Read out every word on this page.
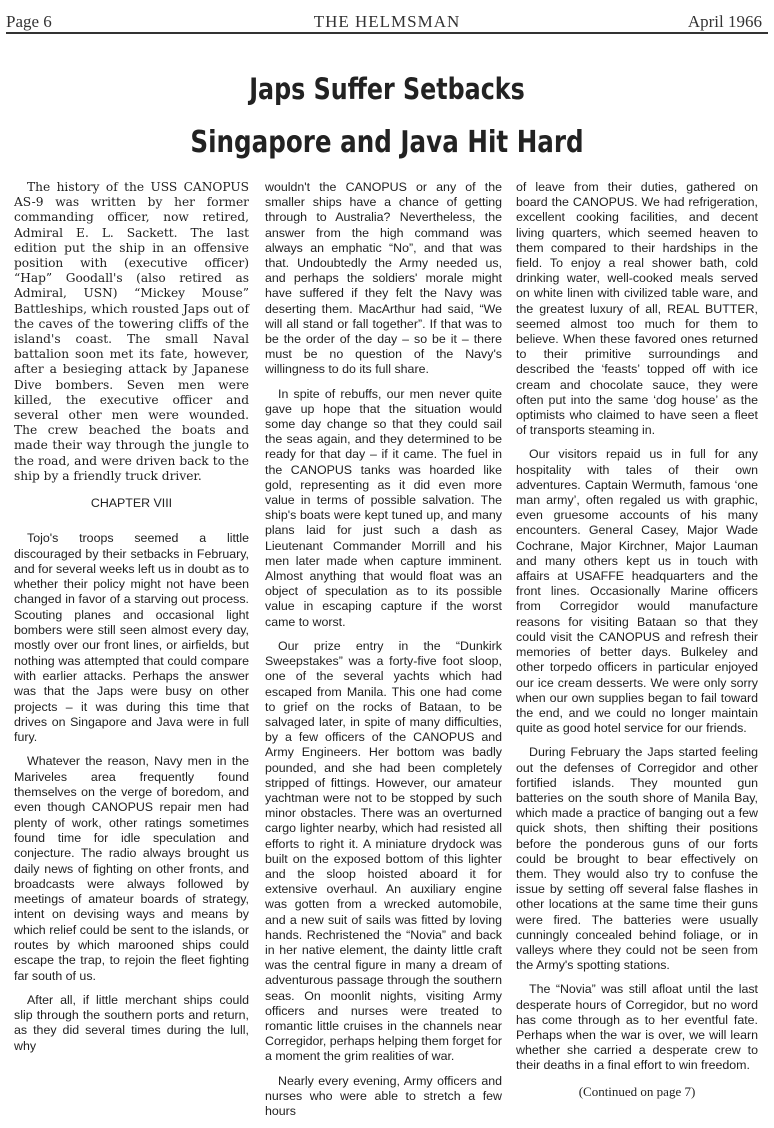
Page 6	THE HELMSMAN	April 1966
Japs Suffer Setbacks
Singapore and Java Hit Hard

The history of the USS CANOPUS AS-9 was written by her former commanding officer, now retired, Admiral E. L. Sackett. The last edition put the ship in an offensive position with (executive officer) “Hap” Goodall's (also retired as Admiral, USN) “Mickey Mouse” Battleships, which rousted Japs out of the caves of the towering cliffs of the island's coast. The small Naval battalion soon met its fate, however, after a besieging attack by Japanese Dive bombers. Seven men were killed, the executive officer and several other men were wounded. The crew beached the boats and made their way through the jungle to the road, and were driven back to the ship by a friendly truck driver.

CHAPTER VIII

Tojo's troops seemed a little discouraged by their setbacks in February, and for several weeks left us in doubt as to whether their policy might not have been changed in favor of a starving out process. Scouting planes and occasional light bombers were still seen almost every day, mostly over our front lines, or airfields, but nothing was attempted that could compare with earlier attacks. Perhaps the answer was that the Japs were busy on other projects – it was during this time that drives on Singapore and Java were in full fury.

Whatever the reason, Navy men in the Mariveles area frequently found themselves on the verge of boredom, and even though CANOPUS repair men had plenty of work, other ratings sometimes found time for idle speculation and conjecture. The radio always brought us daily news of fighting on other fronts, and broadcasts were always followed by meetings of amateur boards of strategy, intent on devising ways and means by which relief could be sent to the islands, or routes by which marooned ships could escape the trap, to rejoin the fleet fighting far south of us.

After all, if little merchant ships could slip through the southern ports and return, as they did several times during the lull, why

wouldn't the CANOPUS or any of the smaller ships have a chance of getting through to Australia? Nevertheless, the answer from the high command was always an emphatic “No”, and that was that. Undoubtedly the Army needed us, and perhaps the soldiers' morale might have suffered if they felt the Navy was deserting them. MacArthur had said, “We will all stand or fall together”. If that was to be the order of the day – so be it – there must be no question of the Navy's willingness to do its full share.

In spite of rebuffs, our men never quite gave up hope that the situation would some day change so that they could sail the seas again, and they determined to be ready for that day – if it came. The fuel in the CANOPUS tanks was hoarded like gold, representing as it did even more value in terms of possible salvation. The ship's boats were kept tuned up, and many plans laid for just such a dash as Lieutenant Commander Morrill and his men later made when capture imminent. Almost anything that would float was an object of speculation as to its possible value in escaping capture if the worst came to worst.

Our prize entry in the “Dunkirk Sweepstakes” was a forty-five foot sloop, one of the several yachts which had escaped from Manila. This one had come to grief on the rocks of Bataan, to be salvaged later, in spite of many difficulties, by a few officers of the CANOPUS and Army Engineers. Her bottom was badly pounded, and she had been completely stripped of fittings. However, our amateur yachtman were not to be stopped by such minor obstacles. There was an overturned cargo lighter nearby, which had resisted all efforts to right it. A miniature drydock was built on the exposed bottom of this lighter and the sloop hoisted aboard it for extensive overhaul. An auxiliary engine was gotten from a wrecked automobile, and a new suit of sails was fitted by loving hands. Rechristened the “Novia” and back in her native element, the dainty little craft was the central figure in many a dream of adventurous passage through the southern seas. On moonlit nights, visiting Army officers and nurses were treated to romantic little cruises in the channels near Corregidor, perhaps helping them forget for a moment the grim realities of war.

Nearly every evening, Army officers and nurses who were able to stretch a few hours

of leave from their duties, gathered on board the CANOPUS. We had refrigeration, excellent cooking facilities, and decent living quarters, which seemed heaven to them compared to their hardships in the field. To enjoy a real shower bath, cold drinking water, well-cooked meals served on white linen with civilized table ware, and the greatest luxury of all, REAL BUTTER, seemed almost too much for them to believe. When these favored ones returned to their primitive surroundings and described the ‘feasts’ topped off with ice cream and chocolate sauce, they were often put into the same ‘dog house’ as the optimists who claimed to have seen a fleet of transports steaming in.

Our visitors repaid us in full for any hospitality with tales of their own adventures. Captain Wermuth, famous ‘one man army’, often regaled us with graphic, even gruesome accounts of his many encounters. General Casey, Major Wade Cochrane, Major Kirchner, Major Lauman and many others kept us in touch with affairs at USAFFE headquarters and the front lines. Occasionally Marine officers from Corregidor would manufacture reasons for visiting Bataan so that they could visit the CANOPUS and refresh their memories of better days. Bulkeley and other torpedo officers in particular enjoyed our ice cream desserts. We were only sorry when our own supplies began to fail toward the end, and we could no longer maintain quite as good hotel service for our friends.

During February the Japs started feeling out the defenses of Corregidor and other fortified islands. They mounted gun batteries on the south shore of Manila Bay, which made a practice of banging out a few quick shots, then shifting their positions before the ponderous guns of our forts could be brought to bear effectively on them. They would also try to confuse the issue by setting off several false flashes in other locations at the same time their guns were fired. The batteries were usually cunningly concealed behind foliage, or in valleys where they could not be seen from the Army's spotting stations.

The “Novia” was still afloat until the last desperate hours of Corregidor, but no word has come through as to her eventful fate. Perhaps when the war is over, we will learn whether she carried a desperate crew to their deaths in a final effort to win freedom.

(Continued on page 7)
